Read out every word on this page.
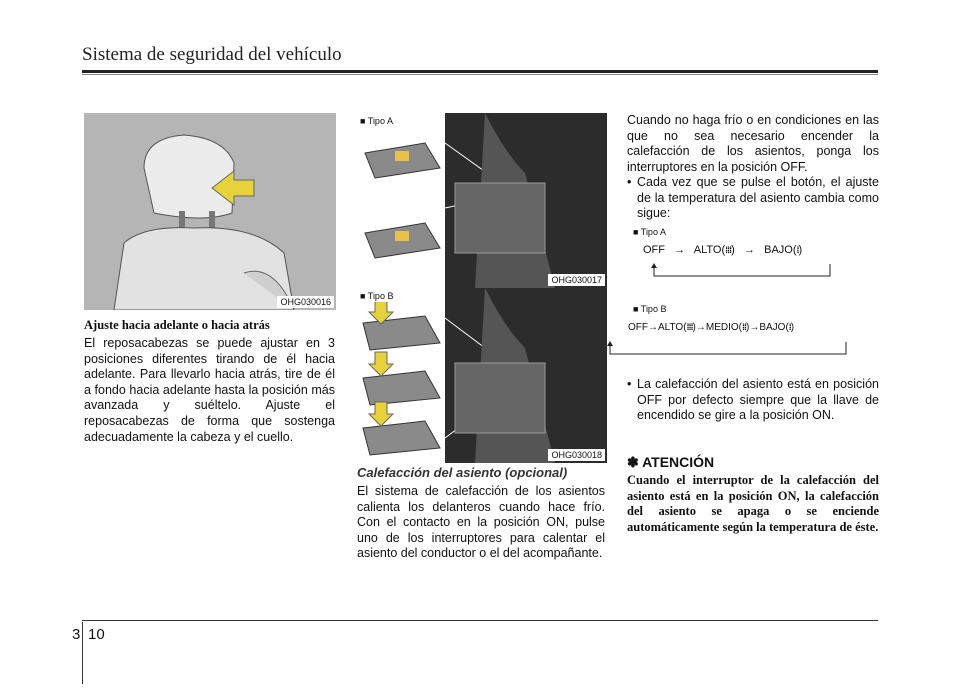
Sistema de seguridad del vehículo
OHG030016
■ Tipo A
OHG030017
■ Tipo B
OHG030018
Ajuste hacia adelante o hacia atrás
El reposacabezas se puede ajustar en 3 posiciones diferentes tirando de él hacia adelante. Para llevarlo hacia atrás, tire de él a fondo hacia adelante hasta la posición más avanzada y suéltelo. Ajuste el reposacabezas de forma que sostenga adecuadamente la cabeza y el cuello.
Calefacción del asiento (opcional)
El sistema de calefacción de los asientos calienta los delanteros cuando hace frío. Con el contacto en la posición ON, pulse uno de los interruptores para calentar el asiento del conductor o el del acompañante.
Cuando no haga frío o en condiciones en las que no sea necesario encender la calefacción de los asientos, ponga los interruptores en la posición OFF.
• Cada vez que se pulse el botón, el ajuste de la temperatura del asiento cambia como sigue:
■ Tipo A
OFF   →   ALTO(⁞⁞⁞)   →   BAJO(⁞)
■ Tipo B
OFF→ALTO(⁞⁞⁞)→MEDIO(⁞⁞)→BAJO(⁞)
• La calefacción del asiento está en posición OFF por defecto siempre que la llave de encendido se gire a la posición ON.
✽ ATENCIÓN
Cuando el interruptor de la calefacción del asiento está en la posición ON, la calefacción del asiento se apaga o se enciende automáticamente según la temperatura de éste.
3 10
